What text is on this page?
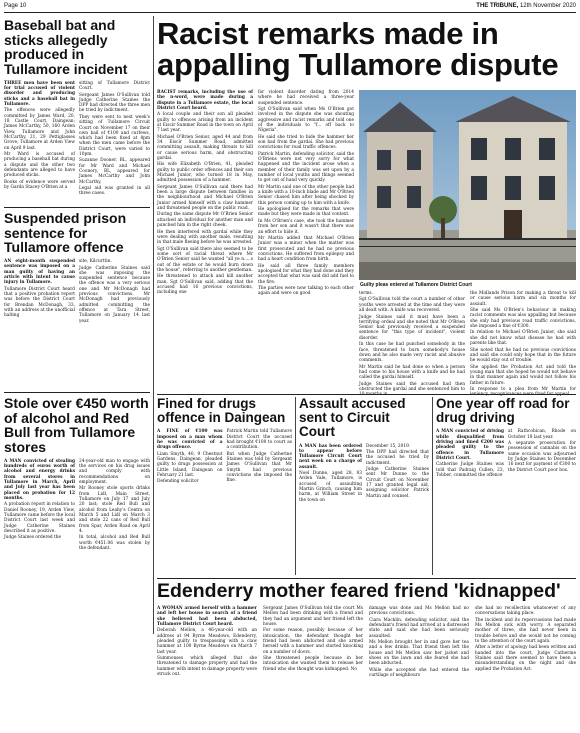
Page 10	THE TRIBUNE, 12th November 2020
Baseball bat and sticks allegedly produced in Tullamore incident

THREE men have been sent for trial accused of violent disorder and producing sticks and a baseball bat in Tullamore.

The offences were allegedly committed by James Ward, 20, 18 Castle Court, Daingean; James McCarthy, 50, 160 Arden View, Tullamore and John McCarthy, 21, 29 Pettiglasses Grove, Tullamore at Arden View on April 9 last.

Mr Ward is accused of producing a baseball bat during a dispute and the other two defendants are alleged to have produced sticks.

Books of evidence were served by Garda Stacey O'Brien at a

sitting of Tullamore District Court.

Sergeant James O'Sullivan told Judge Catherine Staines the DPP had directed the three men be tried by indictment.

They were sent to next week's sitting of Tullamore Circuit Court on November 17 on their own bail of €100 and curfews, which had been fixed at 8pm when the men came before the District Court, were varied to 10pm.

Suzanne Dooner, BL, appeared for Mr Ward and Michael Coonery, BL, appeared for James McCarthy and John McCarthy.

Legal aid was granted in all three cases.

Suspended prison sentence for Tullamore offence

AN eight-month suspended sentence was imposed on a man guilty of having an article with intent to cause injury in Tullamore.

Tullamore District Court heard that a positive probation report was before the District Court for Brendan McDonagh, 33, with an address at the unofficial halting

site, Kilcurttin.

Judge Catherine Staines said she was imposing the suspended sentence because the offence was a very serious one and Mr McDonagh had previous convictions. Mr McDonagh had previously admitted committing the offence at Tara Street, Tullamore on January 14 last year.

Stole over €450 worth of alcohol and Red Bull from Tullamore stores

A MAN convicted of stealing hundreds of euros worth of alcohol and energy drinks from several stores in Tullamore in March, April and July last year has been placed on probation for 12 months.

A probation report in relation to Daniel Rooney, 19, Arden View, Tullamore came before the local District Court last week and Judge Catherine Staines described it as positive.

Judge Staines ordered the

24-year-old man to engage with the services on his drug issues and comply with recommendations on employment.

Mr Rooney stole sports drinks from Lidl, Main Street, Tullamore on July 17 and July 20 last; stole Red Bull and alcohol from Leahy's Centra on March 5 and Lidl on March 3 and stole 22 cans of Red Bull from Spar, Arden Road on April 4.

In total, alcohol and Red Bull worth €451.06 was stolen by the defendant.

Racist remarks made in appalling Tullamore dispute

RACIST remarks, including the use of the n-word, were made during a dispute in a Tullamore estate, the local District Court heard.

A local couple and their son all pleaded guilty to offences arising from an incident at Eiscir Summer Road in the town on April 7 last year.

Michael O'Brien Senior, aged 44 and from 34 Eiscir Summer Road, admitted committing assault, making threats to kill or cause serious harm, and obstructing gardaí.

His wife Elizabeth O'Brien, 41, pleaded guilty to public order offences and their son Michael Junior, who turned 18 in May, admitted possession of a hammer.

Sergeant James O'Sullivan said there had been a large dispute between families in the neighbourhood and Michael O'Brien Junior armed himself with a claw hammer and threatened people on the public road.

During the same dispute Mr O'Brien Senior attacked an individual for another man and punched him in the right cheek.

He then interfered with gardaí while they were dealing with another male, resulting in that male fleeing before he was arrested.

Sgt O'Sullivan said there also seemed to be some sort of racial threat where Mr O'Brien Senior said he wanted "all ye n.....s out of the estate or he would burn down the house", referring to another gentleman.

He threatened to attack and kill another man, Sgt O'Sullivan said, adding that the accused had 16 previous convictions, including one

for violent disorder dating from 2014 where he had received a three-year suspended sentence.

Sgt O'Sullivan said when Ms O'Brien got involved in the dispute she was shouting aggressive and racist remarks and told one of the individuals to "f... off back to Nigeria".

He said she tried to hide the hammer her son had from the gardaí. She had previous convictions for road traffic offences.

Patrick Martin, defending solicitor, said the O'Briens were not very sorry for what happened and the incident arose when a member of their family was set upon by a number of local youths and things seemed to get out of hand very quickly.

Mr Martin said one of the other people had a knife with a 10-inch blade and Mr O'Brien Senior chased him after being shocked by this person coming up to him with a knife.

He apologised for the remarks that were made but they were made in that context.

In Ms O'Brien's case, she took the hammer from her son and it wasn't that there was an effort to hide it.

Mr Martin added that Michael O'Brien Junior was a minor when the matter was first prosecuted and he had no previous convictions. He suffered from epilepsy and had a heart condition from birth.

He said all three family members apologised for what they had done and they accepted that what was said did add fuel to the fire.

The parties were now talking to each other again and were on good

Guilty pleas entered at Tullamore District Court

terms.

Sgt O'Sullivan told the court a number of other youths were arrested at the time and they were all dealt with. A knife was recovered.

Judge Staines said it must have been a terrifying ordeal and she noted that Mr O'Brien Senior had previously received a suspended sentence for "this type of incident", violent disorder.

In this case he had punched somebody in the face, threatened to burn somebody's house down and he also made very racist and abusive comments.

Mr Martin said he had done so when a person had come to his house with a knife and he had called the gardaí himself.

Judge Staines said the accused had then obstructed the gardaí and she sentenced him to

the Midlands Prison for making a threat to kill or cause serious harm and six months for assault.

She said Ms O'Brien's behaviour in making racist comments was also appalling but because she only had previous road traffic convictions, she imposed a fine of €300.

In relation to Michael O'Brien Junior, she said she did not know what disease he had with parents like that.

She noted that he had no previous convictions and said she could only hope that in the future he would stay out of trouble.

She applied the Probation Act and told the young man that she hoped he would not behave in that manner again and would not follow his father in future.

In response to a plea from Mr Martin for

Fined for drugs offence in Daingean

A FINE of €100 was imposed on a man whom he was convicted of a drugs offence.

Liam Smyth, 40, 9 Chestnut Gardens, Daingean, pleaded guilty to drugs possession at Little Island, Daingean on February 21 last.

Defending solicitor

Patrick Martin told Tullamore District Court the accused had brought €100 to court as a contribution.

But when Judge Catherine Staines was told by Sergeant James O'Sullivan that Mr Smyth had previous convictions she imposed the fine.

Assault accused sent to Circuit Court

A MAN has been ordered to appear before Tullamore Circuit Court next week on a charge of assault.

Noel Dunne, aged 28, 83 Arden Vale, Tullamore, is accused of assaulting Martin Grinch, causing him harm, at William Street in the town on

December 15, 2019.

The DPP had directed that the accused be tried by indictment.

Judge Catherine Staines sent Mr Dunne to the Circuit Court on November 17 and granted legal aid, assigning solicitor Patrick Martin and counsel.

One year off road for drug driving

A MAN convicted of driving while disqualified from driving and fined €200 was pleaded guilty to the offence in Tullamore District Court.

Catherine Judge Staines was told that Padraig Cullen, 23, Tobber, committed the offence

at Rathcobican, Rhode on October 18 last year.

A separate prosecution for possession of cannabis on the same occasion was adjourned by Judge Staines to December 16 next for payment of €300 to the District Court poor box.

Edenderry mother feared friend 'kidnapped'

A WOMAN armed herself with a hammer and left her house in search of a friend she believed had been abducted, Tullamore District Court heard.

Deborah Mellon, a 46-year-old with an address at 94 Byrne Meadows, Edenderry, pleaded guilty to trespassing with a claw hammer at 100 Byrne Meadows on March 7 last year.

Summonses which alleged that she threatened to damage property and had the hammer with intent to damage property were struck out.

Sergeant James O'Sullivan told the court Ms Mellon had been drinking with a friend and they had an argument and her friend left the house.

For some reason, possibly because of her intoxication, the defendant thought her friend had been abducted and she armed herself with a hammer and started knocking on a number of doors.

She threatened people because in her intoxication she wanted them to release her friend who she thought was kidnapped. No

damage was done and Ms Mellon had no previous convictions.

Ciara Macklin, defending solicitor, said the defendant's friend had arrived at a distressed state and said she had been seriously assaulted.

Ms Mellon brought her in and gave her tea and a few drinks. That friend then left the house and Ms Mellon saw her jacket and shoes on the lawn and she feared she had been abducted.

While she accepted she had entered the curtilage of neighbours

she had no recollection whatsoever of any conversations taking place.

The incident and its repercussions had made Ms Mellon sick with worry. A separated mother of three, she had never been in trouble before and she would not be coming to the attention of the court again.

After a letter of apology had been written and handed into the court, Judge Catherine Staines said there seemed to have been a misunderstanding on the night and she applied the Probation Act.
